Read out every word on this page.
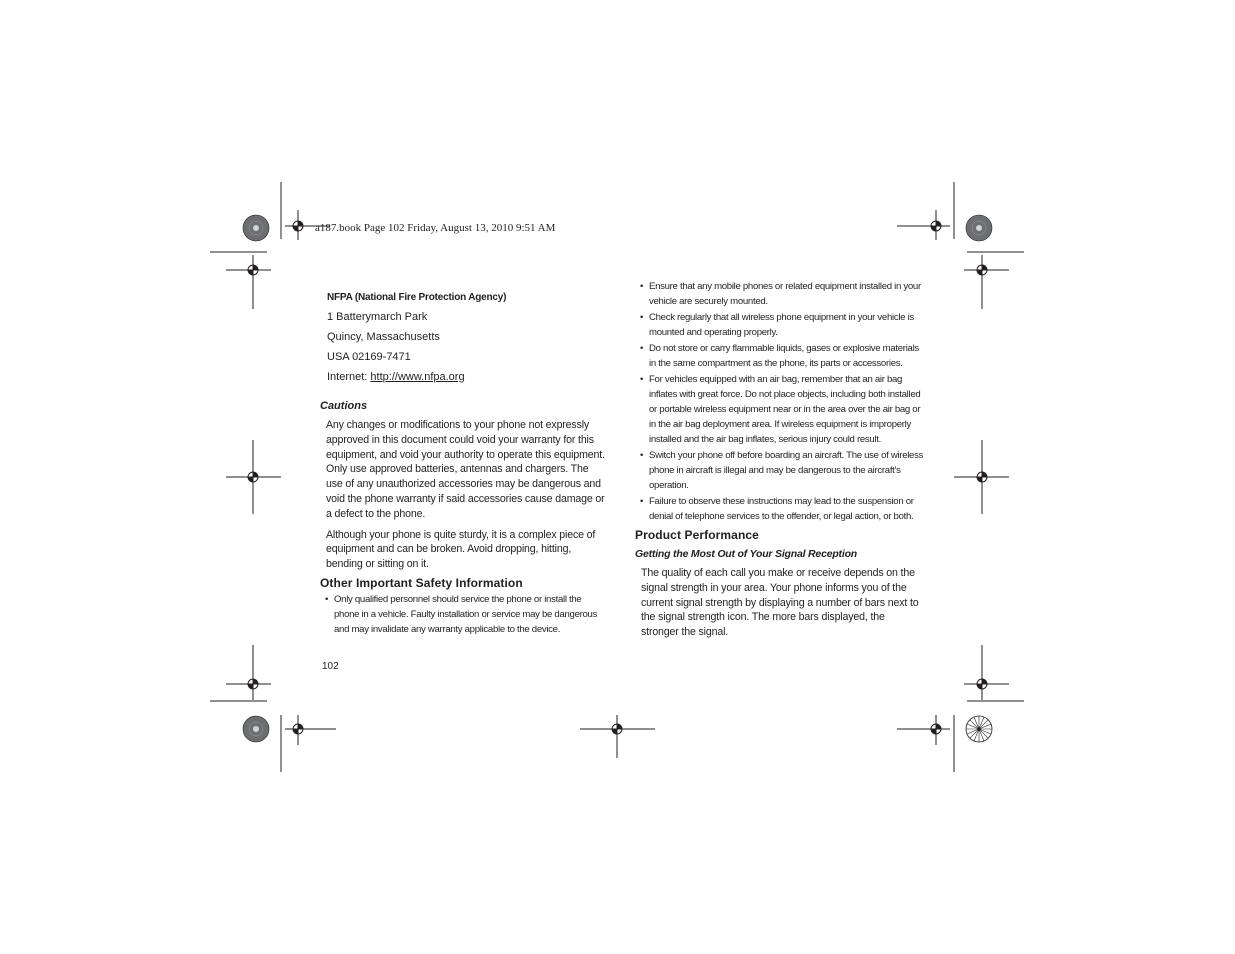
a187.book Page 102 Friday, August 13, 2010 9:51 AM
NFPA (National Fire Protection Agency)
1 Batterymarch Park
Quincy, Massachusetts
USA 02169-7471
Internet: http://www.nfpa.org
Cautions

Any changes or modifications to your phone not expressly approved in this document could void your warranty for this equipment, and void your authority to operate this equipment. Only use approved batteries, antennas and chargers. The use of any unauthorized accessories may be dangerous and void the phone warranty if said accessories cause damage or a defect to the phone.

Although your phone is quite sturdy, it is a complex piece of equipment and can be broken. Avoid dropping, hitting, bending or sitting on it.

Other Important Safety Information
• Only qualified personnel should service the phone or install the phone in a vehicle. Faulty installation or service may be dangerous and may invalidate any warranty applicable to the device.
• Ensure that any mobile phones or related equipment installed in your vehicle are securely mounted.
• Check regularly that all wireless phone equipment in your vehicle is mounted and operating properly.
• Do not store or carry flammable liquids, gases or explosive materials in the same compartment as the phone, its parts or accessories.
• For vehicles equipped with an air bag, remember that an air bag inflates with great force. Do not place objects, including both installed or portable wireless equipment near or in the area over the air bag or in the air bag deployment area. If wireless equipment is improperly installed and the air bag inflates, serious injury could result.
• Switch your phone off before boarding an aircraft. The use of wireless phone in aircraft is illegal and may be dangerous to the aircraft's operation.
• Failure to observe these instructions may lead to the suspension or denial of telephone services to the offender, or legal action, or both.
Product Performance
Getting the Most Out of Your Signal Reception

The quality of each call you make or receive depends on the signal strength in your area. Your phone informs you of the current signal strength by displaying a number of bars next to the signal strength icon. The more bars displayed, the stronger the signal.

102
